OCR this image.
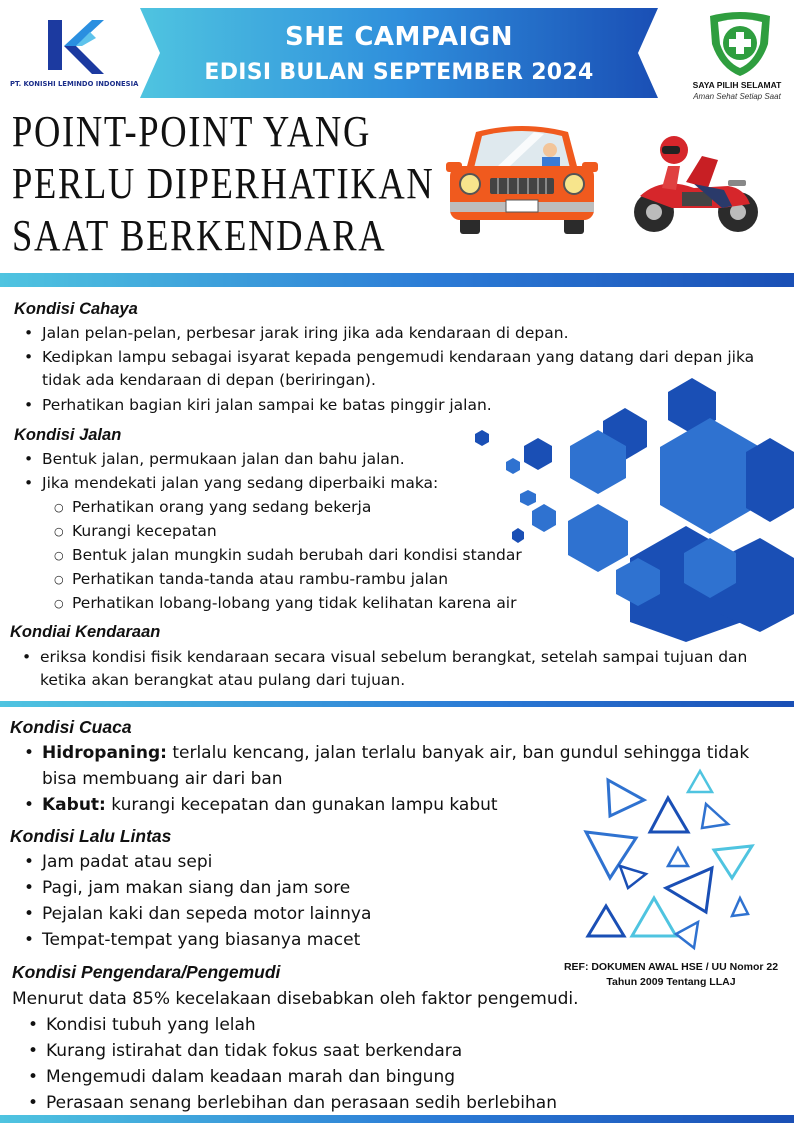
PT. KONISHI LEMINDO INDONESIA
SHE CAMPAIGN
EDISI BULAN SEPTEMBER 2024	SAYA PILIH SELAMAT
Aman Sehat Setiap Saat
POINT-POINT YANG
PERLU DIPERHATIKAN
SAAT BERKENDARA
Kondisi Cahaya
• Jalan pelan-pelan, perbesar jarak iring jika ada kendaraan di depan.
• Kedipkan lampu sebagai isyarat kepada pengemudi kendaraan yang datang dari depan jika tidak ada kendaraan di depan (beriringan).
• Perhatikan bagian kiri jalan sampai ke batas pinggir jalan.
Kondisi Jalan
• Bentuk jalan, permukaan jalan dan bahu jalan.
• Jika mendekati jalan yang sedang diperbaiki maka:
○ Perhatikan orang yang sedang bekerja
○ Kurangi kecepatan
○ Bentuk jalan mungkin sudah berubah dari kondisi standar
○ Perhatikan tanda-tanda atau rambu-rambu jalan
○ Perhatikan lobang-lobang yang tidak kelihatan karena air
Kondiai Kendaraan
• eriksa kondisi fisik kendaraan secara visual sebelum berangkat, setelah sampai tujuan dan ketika akan berangkat atau pulang dari tujuan.
Kondisi Cuaca
• Hidropaning: terlalu kencang, jalan terlalu banyak air, ban gundul sehingga tidak bisa membuang air dari ban
• Kabut: kurangi kecepatan dan gunakan lampu kabut
Kondisi Lalu Lintas
• Jam padat atau sepi
• Pagi, jam makan siang dan jam sore
• Pejalan kaki dan sepeda motor lainnya
• Tempat-tempat yang biasanya macet
REF: DOKUMEN AWAL HSE / UU Nomor 22
Tahun 2009 Tentang LLAJ
Kondisi Pengendara/Pengemudi
Menurut data 85% kecelakaan disebabkan oleh faktor pengemudi.
• Kondisi tubuh yang lelah
• Kurang istirahat dan tidak fokus saat berkendara
• Mengemudi dalam keadaan marah dan bingung
• Perasaan senang berlebihan dan perasaan sedih berlebihan
